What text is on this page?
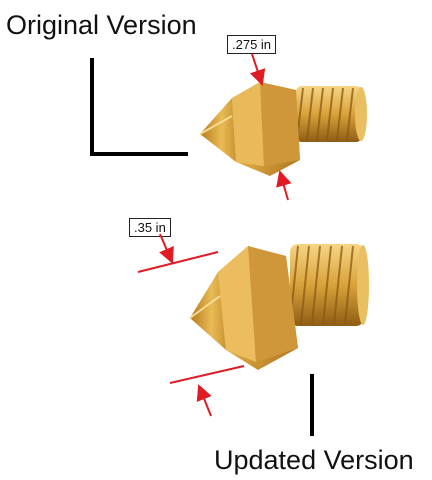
Original Version
Updated Version
.275 in
.35 in
